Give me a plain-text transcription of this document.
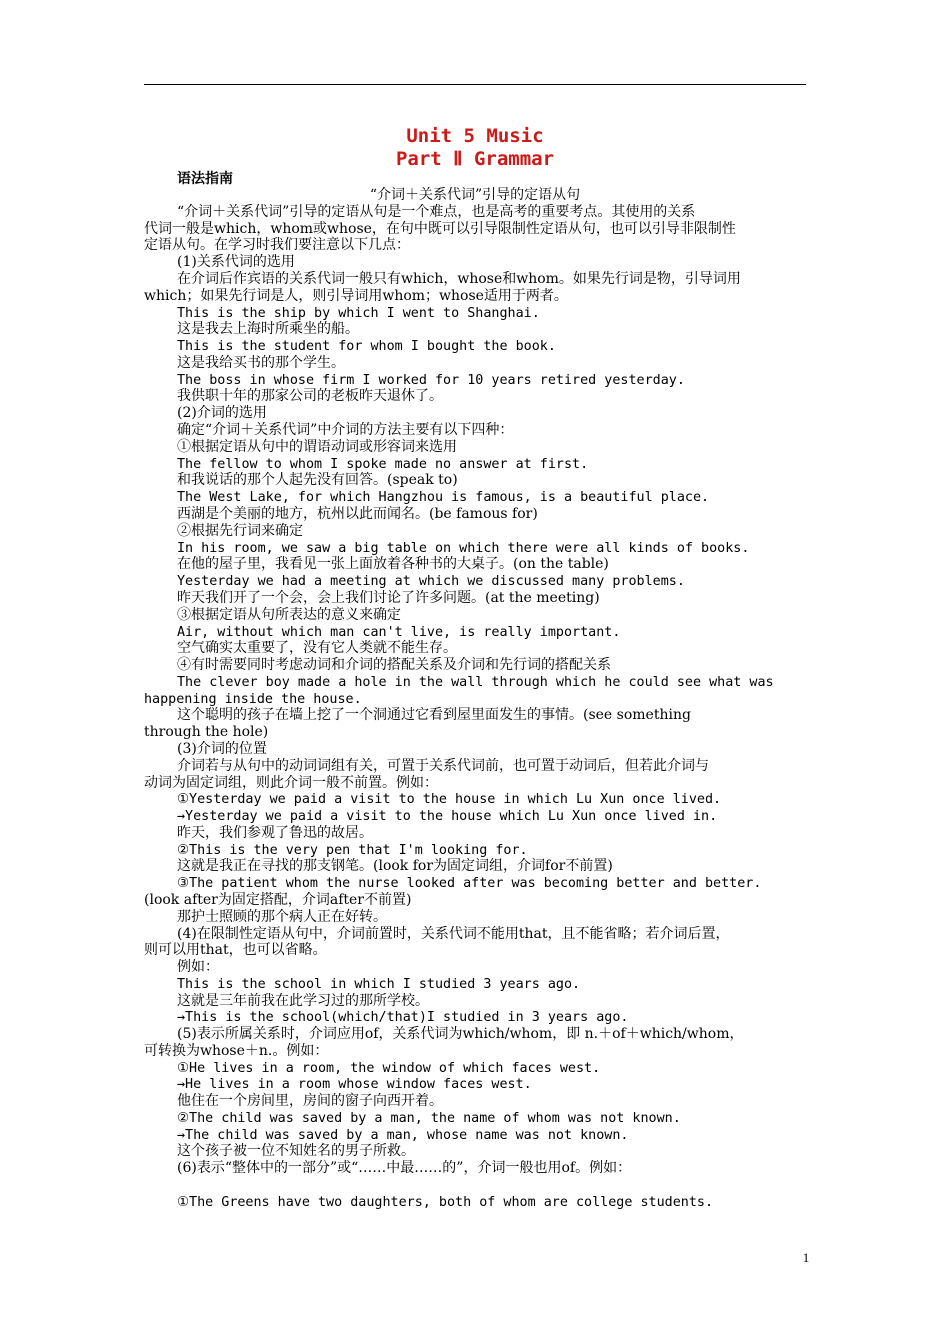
Unit 5 Music
Part Ⅱ Grammar
语法指南
“介词＋关系代词”引导的定语从句
“介词＋关系代词”引导的定语从句是一个难点，也是高考的重要考点。其使用的关系
代词一般是which，whom或whose，在句中既可以引导限制性定语从句，也可以引导非限制性
定语从句。在学习时我们要注意以下几点：
(1)关系代词的选用
在介词后作宾语的关系代词一般只有which，whose和whom。如果先行词是物，引导词用
which；如果先行词是人，则引导词用whom；whose适用于两者。
This is the ship by which I went to Shanghai.
这是我去上海时所乘坐的船。
This is the student for whom I bought the book.
这是我给买书的那个学生。
The boss in whose firm I worked for 10 years retired yesterday.
我供职十年的那家公司的老板昨天退休了。
(2)介词的选用
确定“介词＋关系代词”中介词的方法主要有以下四种：
①根据定语从句中的谓语动词或形容词来选用
The fellow to whom I spoke made no answer at first.
和我说话的那个人起先没有回答。(speak to)
The West Lake, for which Hangzhou is famous, is a beautiful place.
西湖是个美丽的地方，杭州以此而闻名。(be famous for)
②根据先行词来确定
In his room, we saw a big table on which there were all kinds of books.
在他的屋子里，我看见一张上面放着各种书的大桌子。(on the table)
Yesterday we had a meeting at which we discussed many problems.
昨天我们开了一个会，会上我们讨论了许多问题。(at the meeting)
③根据定语从句所表达的意义来确定
Air, without which man can't live, is really important.
空气确实太重要了，没有它人类就不能生存。
④有时需要同时考虑动词和介词的搭配关系及介词和先行词的搭配关系
The clever boy made a hole in the wall through which he could see what was
happening inside the house.
这个聪明的孩子在墙上挖了一个洞通过它看到屋里面发生的事情。(see something
through the hole)
(3)介词的位置
介词若与从句中的动词词组有关，可置于关系代词前，也可置于动词后，但若此介词与
动词为固定词组，则此介词一般不前置。例如：
①Yesterday we paid a visit to the house in which Lu Xun once lived.
→Yesterday we paid a visit to the house which Lu Xun once lived in.
昨天，我们参观了鲁迅的故居。
②This is the very pen that I'm looking for.
这就是我正在寻找的那支钢笔。(look for为固定词组，介词for不前置)
③The patient whom the nurse looked after was becoming better and better.
(look after为固定搭配，介词after不前置)
那护士照顾的那个病人正在好转。
(4)在限制性定语从句中，介词前置时，关系代词不能用that，且不能省略；若介词后置，
则可以用that，也可以省略。
例如：
This is the school in which I studied 3 years ago.
这就是三年前我在此学习过的那所学校。
→This is the school(which/that)I studied in 3 years ago.
(5)表示所属关系时，介词应用of，关系代词为which/whom，即 n.＋of＋which/whom，
可转换为whose＋n.。例如：
①He lives in a room, the window of which faces west.
→He lives in a room whose window faces west.
他住在一个房间里，房间的窗子向西开着。
②The child was saved by a man, the name of whom was not known.
→The child was saved by a man, whose name was not known.
这个孩子被一位不知姓名的男子所救。
(6)表示“整体中的一部分”或“……中最……的”，介词一般也用of。例如：
①The Greens have two daughters, both of whom are college students.
1
